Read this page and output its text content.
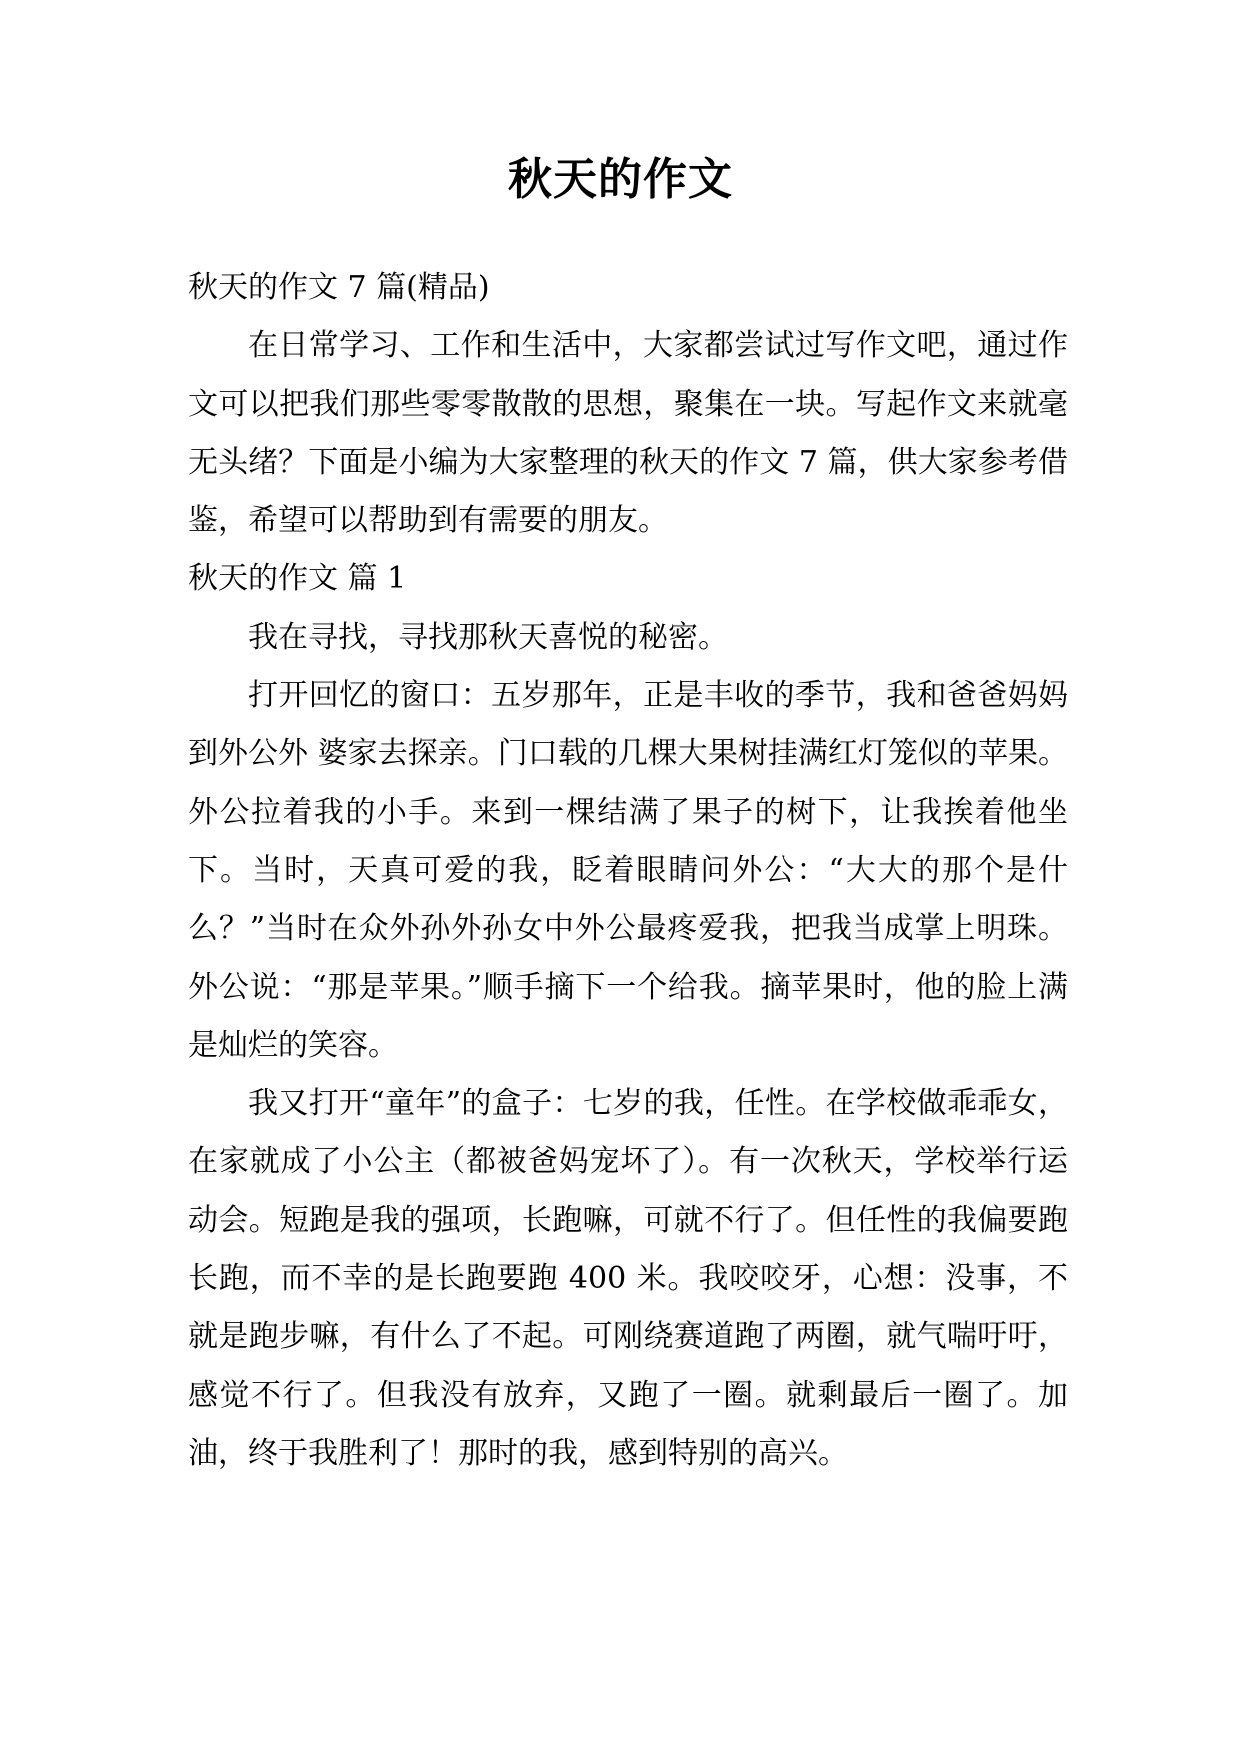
秋天的作文

秋天的作文 7 篇(精品)

在日常学习、工作和生活中，大家都尝试过写作文吧，通过作文可以把我们那些零零散散的思想，聚集在一块。写起作文来就毫无头绪？下面是小编为大家整理的秋天的作文 7 篇，供大家参考借鉴，希望可以帮助到有需要的朋友。

秋天的作文 篇 1

我在寻找，寻找那秋天喜悦的秘密。

打开回忆的窗口：五岁那年，正是丰收的季节，我和爸爸妈妈到外公外 婆家去探亲。门口载的几棵大果树挂满红灯笼似的苹果。外公拉着我的小手。来到一棵结满了果子的树下，让我挨着他坐下。当时，天真可爱的我，眨着眼睛问外公：“大大的那个是什么？”当时在众外孙外孙女中外公最疼爱我，把我当成掌上明珠。外公说：“那是苹果。”顺手摘下一个给我。摘苹果时，他的脸上满是灿烂的笑容。

我又打开“童年”的盒子：七岁的我，任性。在学校做乖乖女，在家就成了小公主（都被爸妈宠坏了）。有一次秋天，学校举行运动会。短跑是我的强项，长跑嘛，可就不行了。但任性的我偏要跑长跑，而不幸的是长跑要跑 400 米。我咬咬牙，心想：没事，不就是跑步嘛，有什么了不起。可刚绕赛道跑了两圈，就气喘吁吁，感觉不行了。但我没有放弃，又跑了一圈。就剩最后一圈了。加油，终于我胜利了！那时的我，感到特别的高兴。
